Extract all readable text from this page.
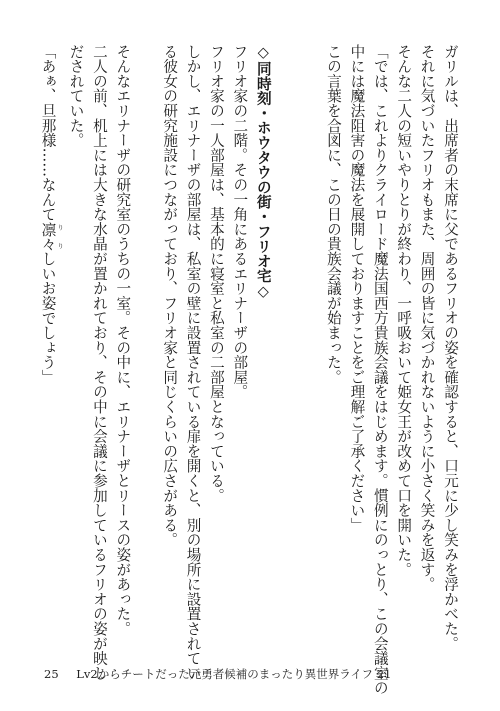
ガリルは、出席者の末席に父であるフリオの姿を確認すると、口元に少し笑みを浮かべた。

それに気づいたフリオもまた、周囲の皆に気づかれないように小さく笑みを返す。

そんな二人の短いやりとりが終わり、一呼吸おいて姫女王が改めて口を開いた。

「では、これよりクライロード魔法国西方貴族会議をはじめます。慣例にのっとり、この会議室の

中には魔法阻害の魔法を展開しておりますことをご理解ご了承ください」

この言葉を合図に、この日の貴族会議が始まった。

◇同時刻・ホウタウの街・フリオ宅◇

フリオ家の二階。その一角にあるエリナーザの部屋。

フリオ家の一人部屋は、基本的に寝室と私室の二部屋となっている。

しかし、エリナーザの部屋は、私室の壁に設置されている扉を開くと、別の場所に設置されてい

る彼女の研究施設につながっており、フリオ家と同じくらいの広さがある。

そんなエリナーザの研究室のうちの一室。その中に、エリナーザとリースの姿があった。

二人の前、机上には大きな水晶が置かれており、その中に会議に参加しているフリオの姿が映し

だされていた。

「あぁ、旦那様……なんて凛々 り りしいお姿でしょう」

25 Lv2からチートだった元勇者候補のまったり異世界ライフ 21
